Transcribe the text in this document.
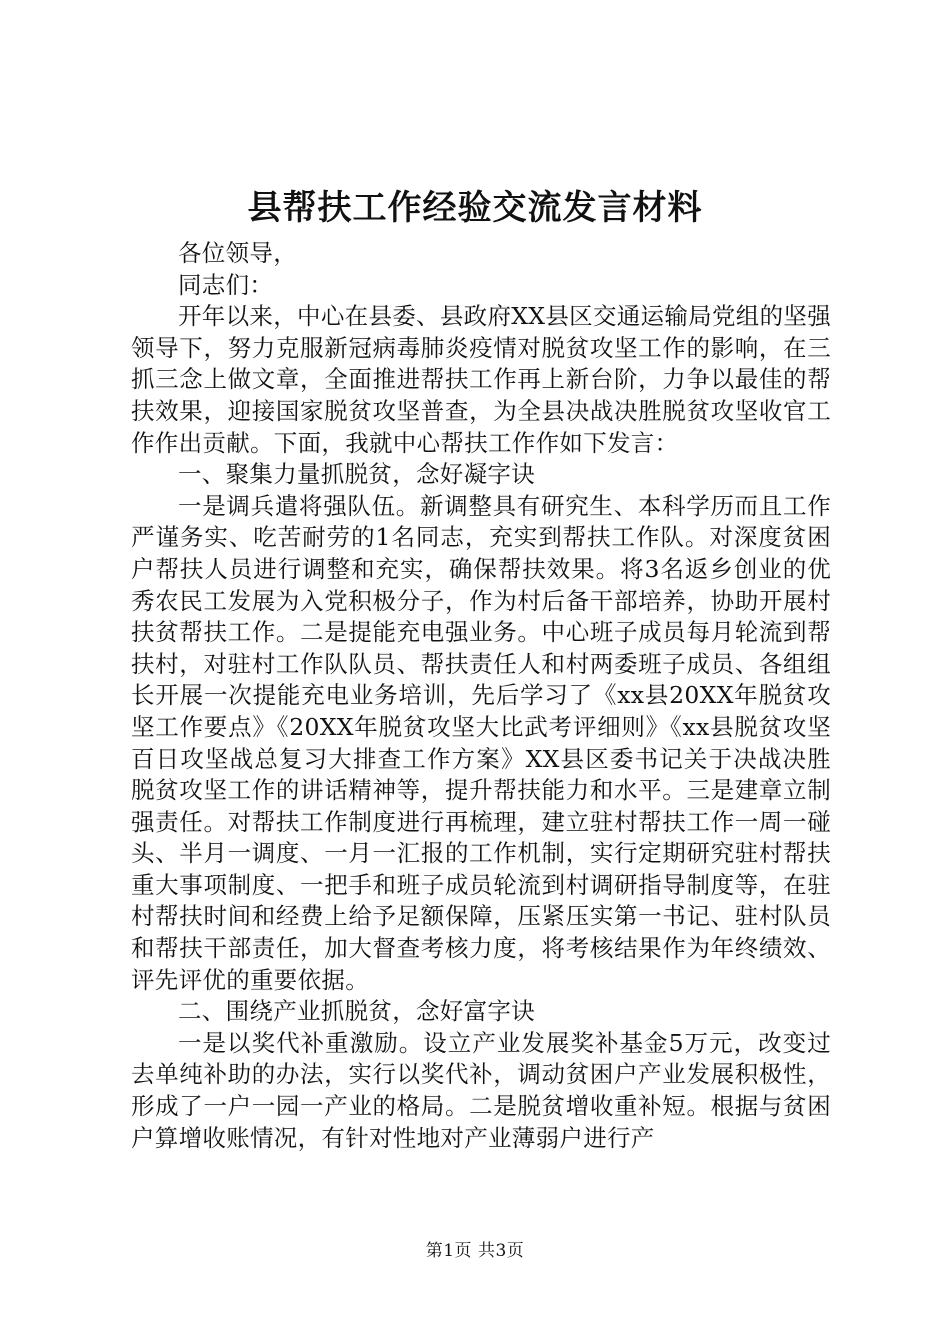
县帮扶工作经验交流发言材料

各位领导，

同志们：

开年以来，中心在县委、县政府XX县区交通运输局党组的坚强领导下，努力克服新冠病毒肺炎疫情对脱贫攻坚工作的影响，在三抓三念上做文章，全面推进帮扶工作再上新台阶，力争以最佳的帮扶效果，迎接国家脱贫攻坚普查，为全县决战决胜脱贫攻坚收官工作作出贡献。下面，我就中心帮扶工作作如下发言：

一、聚集力量抓脱贫，念好凝字诀

一是调兵遣将强队伍。新调整具有研究生、本科学历而且工作严谨务实、吃苦耐劳的1名同志，充实到帮扶工作队。对深度贫困户帮扶人员进行调整和充实，确保帮扶效果。将3名返乡创业的优秀农民工发展为入党积极分子，作为村后备干部培养，协助开展村扶贫帮扶工作。二是提能充电强业务。中心班子成员每月轮流到帮扶村，对驻村工作队队员、帮扶责任人和村两委班子成员、各组组长开展一次提能充电业务培训，先后学习了《xx县20XX年脱贫攻坚工作要点》《20XX年脱贫攻坚大比武考评细则》《xx县脱贫攻坚百日攻坚战总复习大排查工作方案》XX县区委书记关于决战决胜脱贫攻坚工作的讲话精神等，提升帮扶能力和水平。三是建章立制强责任。对帮扶工作制度进行再梳理，建立驻村帮扶工作一周一碰头、半月一调度、一月一汇报的工作机制，实行定期研究驻村帮扶重大事项制度、一把手和班子成员轮流到村调研指导制度等，在驻村帮扶时间和经费上给予足额保障，压紧压实第一书记、驻村队员和帮扶干部责任，加大督查考核力度，将考核结果作为年终绩效、评先评优的重要依据。

二、围绕产业抓脱贫，念好富字诀

一是以奖代补重激励。设立产业发展奖补基金5万元，改变过去单纯补助的办法，实行以奖代补，调动贫困户产业发展积极性，形成了一户一园一产业的格局。二是脱贫增收重补短。根据与贫困户算增收账情况，有针对性地对产业薄弱户进行产

第1页 共3页
